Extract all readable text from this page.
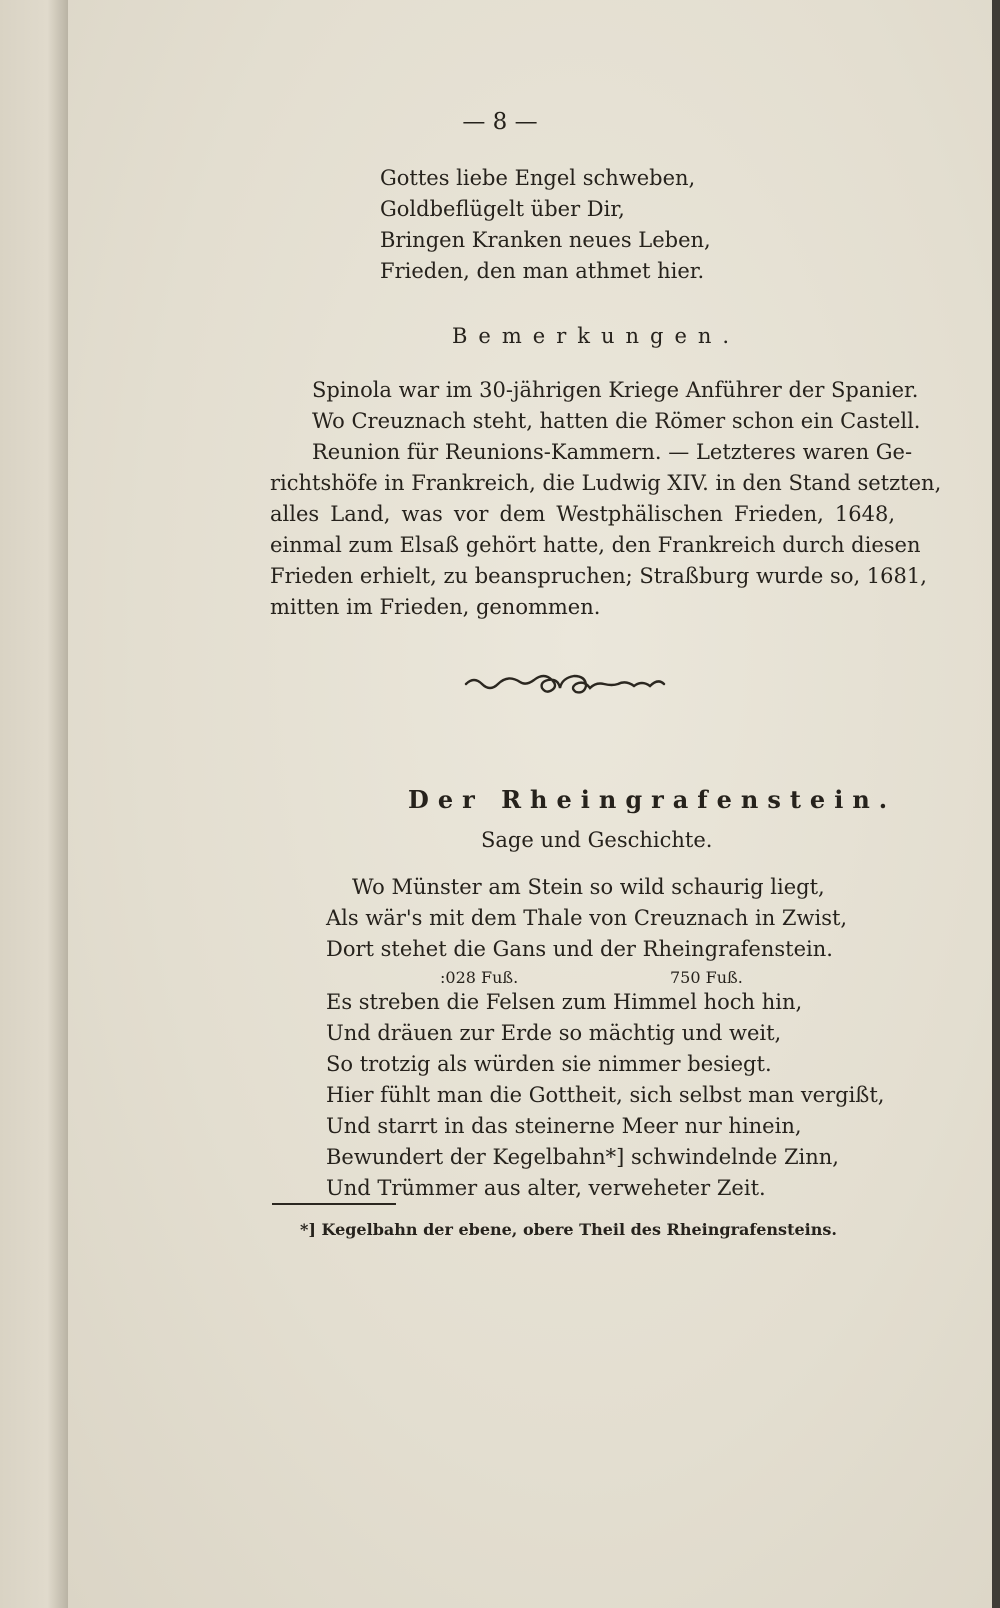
— 8 —
Gottes liebe Engel schweben,
Goldbeflügelt über Dir,
Bringen Kranken neues Leben,
Frieden, den man athmet hier.
Bemerkungen.
Spinola war im 30-jährigen Kriege Anführer der Spanier.
Wo Creuznach steht, hatten die Römer schon ein Castell.
Reunion für Reunions-Kammern. — Letzteres waren Ge-
richtshöfe in Frankreich, die Ludwig XIV. in den Stand setzten,
alles Land, was vor dem Westphälischen Frieden, 1648,
einmal zum Elsaß gehört hatte, den Frankreich durch diesen
Frieden erhielt, zu beanspruchen; Straßburg wurde so, 1681,
mitten im Frieden, genommen.
Der Rheingrafenstein.
Sage und Geschichte.
Wo Münster am Stein so wild schaurig liegt,
Als wär's mit dem Thale von Creuznach in Zwist,
Dort stehet die Gans und der Rheingrafenstein.
:028 Fuß.	750 Fuß.
Es streben die Felsen zum Himmel hoch hin,
Und dräuen zur Erde so mächtig und weit,
So trotzig als würden sie nimmer besiegt.
Hier fühlt man die Gottheit, sich selbst man vergißt,
Und starrt in das steinerne Meer nur hinein,
Bewundert der Kegelbahn*] schwindelnde Zinn,
Und Trümmer aus alter, verweheter Zeit.
*] Kegelbahn der ebene, obere Theil des Rheingrafensteins.
